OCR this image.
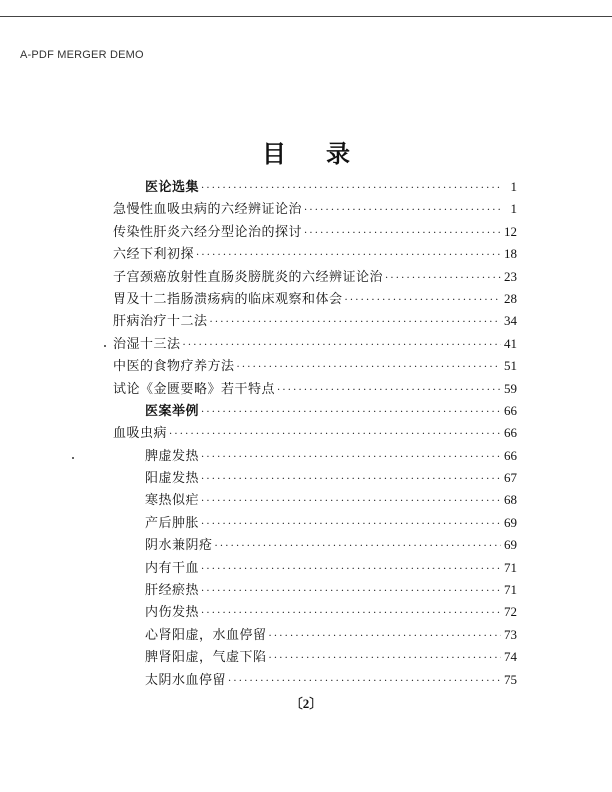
A-PDF MERGER DEMO
目 录
医论选集 ·····	1
急慢性血吸虫病的六经辨证论治 ·····	1
传染性肝炎六经分型论治的探讨 ·····	12
六经下利初探 ·····	18
子宫颈癌放射性直肠炎膀胱炎的六经辨证论治 ·····	23
胃及十二指肠溃疡病的临床观察和体会 ·····	28
肝病治疗十二法 ·····	34
治湿十三法 ·····	41
中医的食物疗养方法 ·····	51
试论《金匮要略》若干特点 ·····	59
医案举例 ·····	66
血吸虫病 ·····	66
脾虚发热 ·····	66
阳虚发热 ·····	67
寒热似疟 ·····	68
产后肿胀 ·····	69
阴水兼阴疮 ·····	69
内有干血 ·····	71
肝经瘀热 ·····	71
内伤发热 ·····	72
心肾阳虚，水血停留 ·····	73
脾肾阳虚，气虚下陷 ·····	74
太阴水血停留 ·····	75
〔2〕
